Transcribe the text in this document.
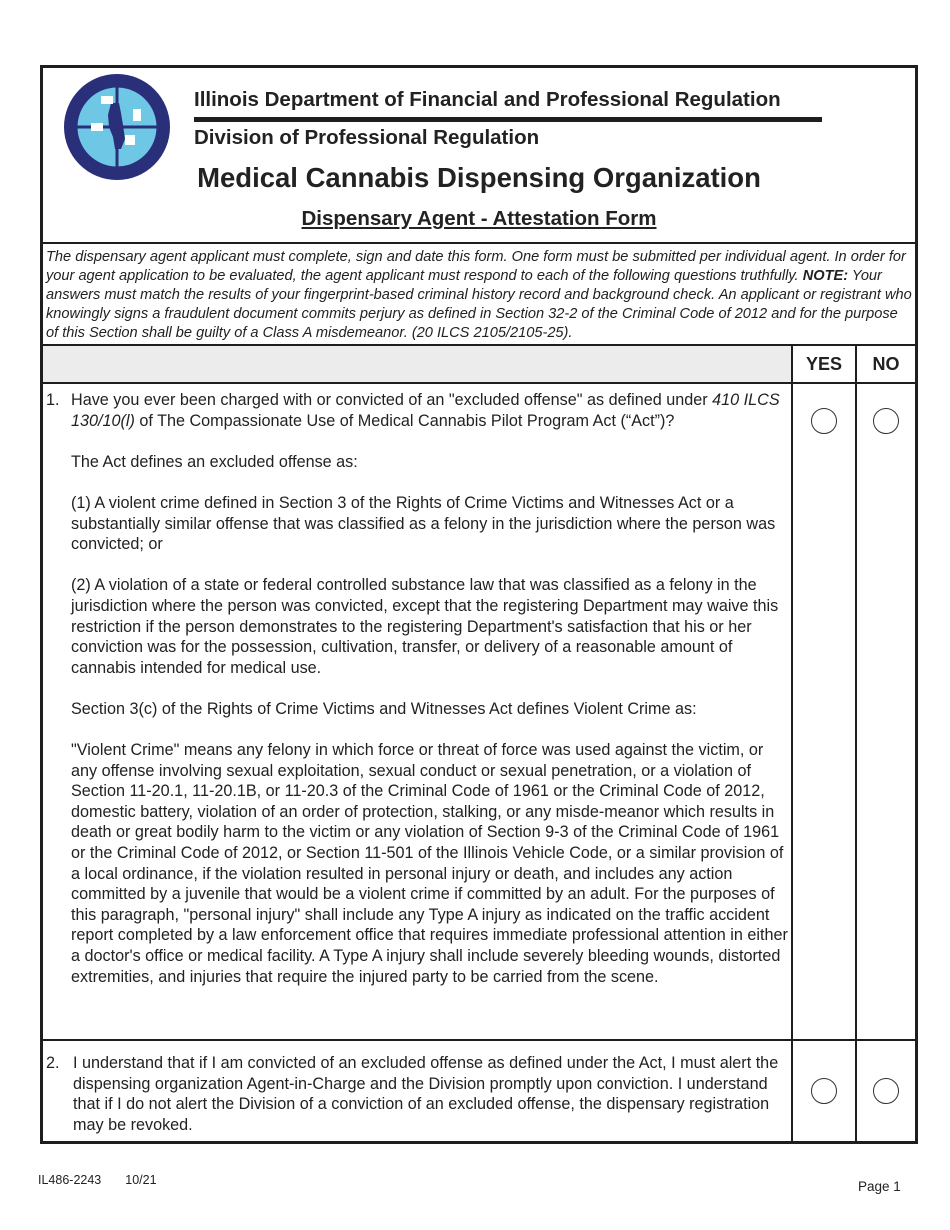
Illinois Department of Financial and Professional Regulation
Division of Professional Regulation
Medical Cannabis Dispensing Organization
Dispensary Agent - Attestation Form

The dispensary agent applicant must complete, sign and date this form. One form must be submitted per individual agent. In order for your agent application to be evaluated, the agent applicant must respond to each of the following questions truthfully. NOTE: Your answers must match the results of your fingerprint-based criminal history record and background check. An applicant or registrant who knowingly signs a fraudulent document commits perjury as defined in Section 32-2 of the Criminal Code of 2012 and for the purpose of this Section shall be guilty of a Class A misdemeanor. (20 ILCS 2105/2105-25).

YES	NO
1. Have you ever been charged with or convicted of an "excluded offense" as defined under 410 ILCS 130/10(l) of The Compassionate Use of Medical Cannabis Pilot Program Act (“Act”)?

The Act defines an excluded offense as:

(1) A violent crime defined in Section 3 of the Rights of Crime Victims and Witnesses Act or a substantially similar offense that was classified as a felony in the jurisdiction where the person was convicted; or

(2) A violation of a state or federal controlled substance law that was classified as a felony in the jurisdiction where the person was convicted, except that the registering Department may waive this restriction if the person demonstrates to the registering Department's satisfaction that his or her conviction was for the possession, cultivation, transfer, or delivery of a reasonable amount of cannabis intended for medical use.

Section 3(c) of the Rights of Crime Victims and Witnesses Act defines Violent Crime as:

"Violent Crime" means any felony in which force or threat of force was used against the victim, or any offense involving sexual exploitation, sexual conduct or sexual penetration, or a violation of Section 11-20.1, 11-20.1B, or 11-20.3 of the Criminal Code of 1961 or the Criminal Code of 2012, domestic battery, violation of an order of protection, stalking, or any misde-meanor which results in death or great bodily harm to the victim or any violation of Section 9-3 of the Criminal Code of 1961 or the Criminal Code of 2012, or Section 11-501 of the Illinois Vehicle Code, or a similar provision of a local ordinance, if the violation resulted in personal injury or death, and includes any action committed by a juvenile that would be a violent crime if committed by an adult. For the purposes of this paragraph, "personal injury" shall include any Type A injury as indicated on the traffic accident report completed by a law enforcement office that requires immediate professional attention in either a doctor's office or medical facility. A Type A injury shall include severely bleeding wounds, distorted extremities, and injuries that require the injured party to be carried from the scene.

2. I understand that if I am convicted of an excluded offense as defined under the Act, I must alert the dispensing organization Agent-in-Charge and the Division promptly upon conviction. I understand that if I do not alert the Division of a conviction of an excluded offense, the dispensary registration may be revoked.

IL486-2243 10/21	Page 1
